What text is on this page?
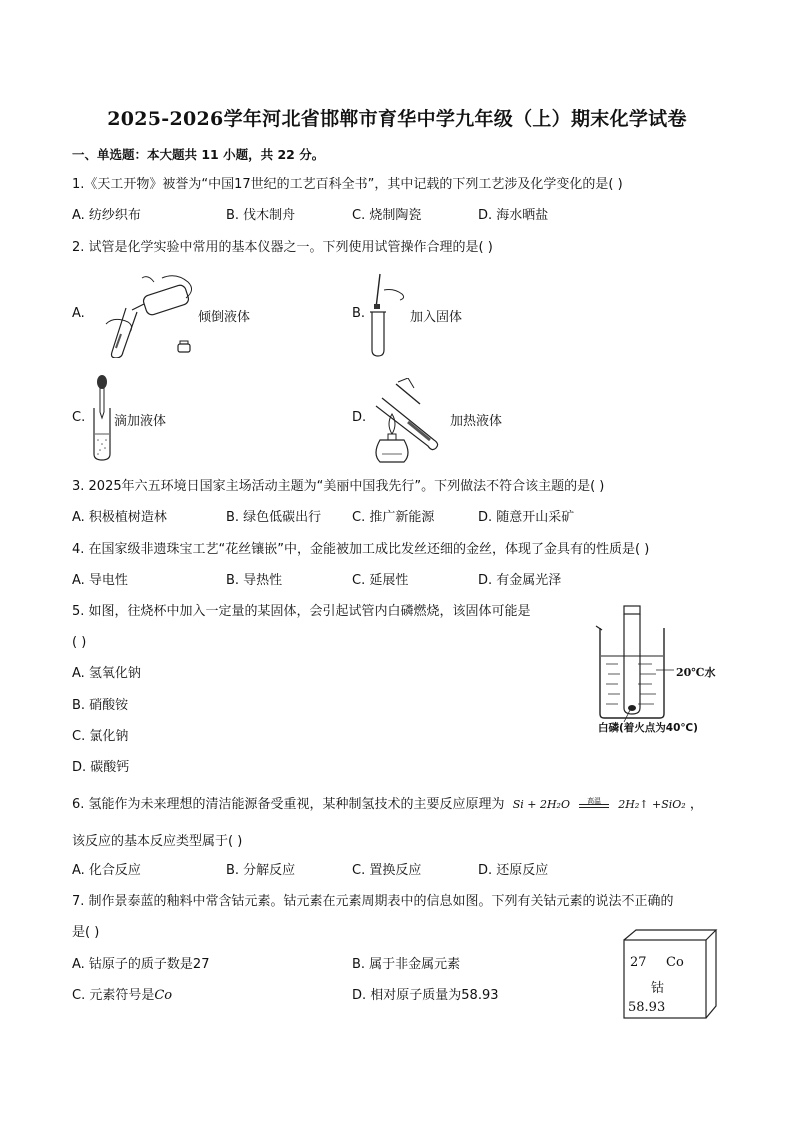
2025-2026学年河北省邯郸市育华中学九年级（上）期末化学试卷
一、单选题：本大题共 11 小题，共 22 分。
1.《天工开物》被誉为“中国17世纪的工艺百科全书”，其中记载的下列工艺涉及化学变化的是( )
A. 纺纱织布	B. 伐木制舟	C. 烧制陶瓷	D. 海水晒盐
2. 试管是化学实验中常用的基本仪器之一。下列使用试管操作合理的是( )
A.	倾倒液体	B.	加入固体
C. 滴加液体	D.	加热液体
3. 2025年六五环境日国家主场活动主题为“美丽中国我先行”。下列做法不符合该主题的是( )
A. 积极植树造林	B. 绿色低碳出行 C. 推广新能源	D. 随意开山采矿
4. 在国家级非遗珠宝工艺“花丝镶嵌”中，金能被加工成比发丝还细的金丝，体现了金具有的性质是( )
A. 导电性	B. 导热性	C. 延展性	D. 有金属光泽
5. 如图，往烧杯中加入一定量的某固体，会引起试管内白磷燃烧，该固体可能是
( )
A. 氢氧化钠
B. 硝酸铵
C. 氯化钠
D. 碳酸钙
20℃水
白磷(着火点为40℃)
6. 氢能作为未来理想的清洁能源备受重视，某种制氢技术的主要反应原理为 Si + 2H₂O	高温	2H₂↑ +SiO₂ ，
该反应的基本反应类型属于( )
A. 化合反应	B. 分解反应	C. 置换反应	D. 还原反应
7. 制作景泰蓝的釉料中常含钴元素。钴元素在元素周期表中的信息如图。下列有关钴元素的说法不正确的
是( )
A. 钴原子的质子数是27	B. 属于非金属元素
C. 元素符号是Co	D. 相对原子质量为58.93
27 Co
钴
58.93
